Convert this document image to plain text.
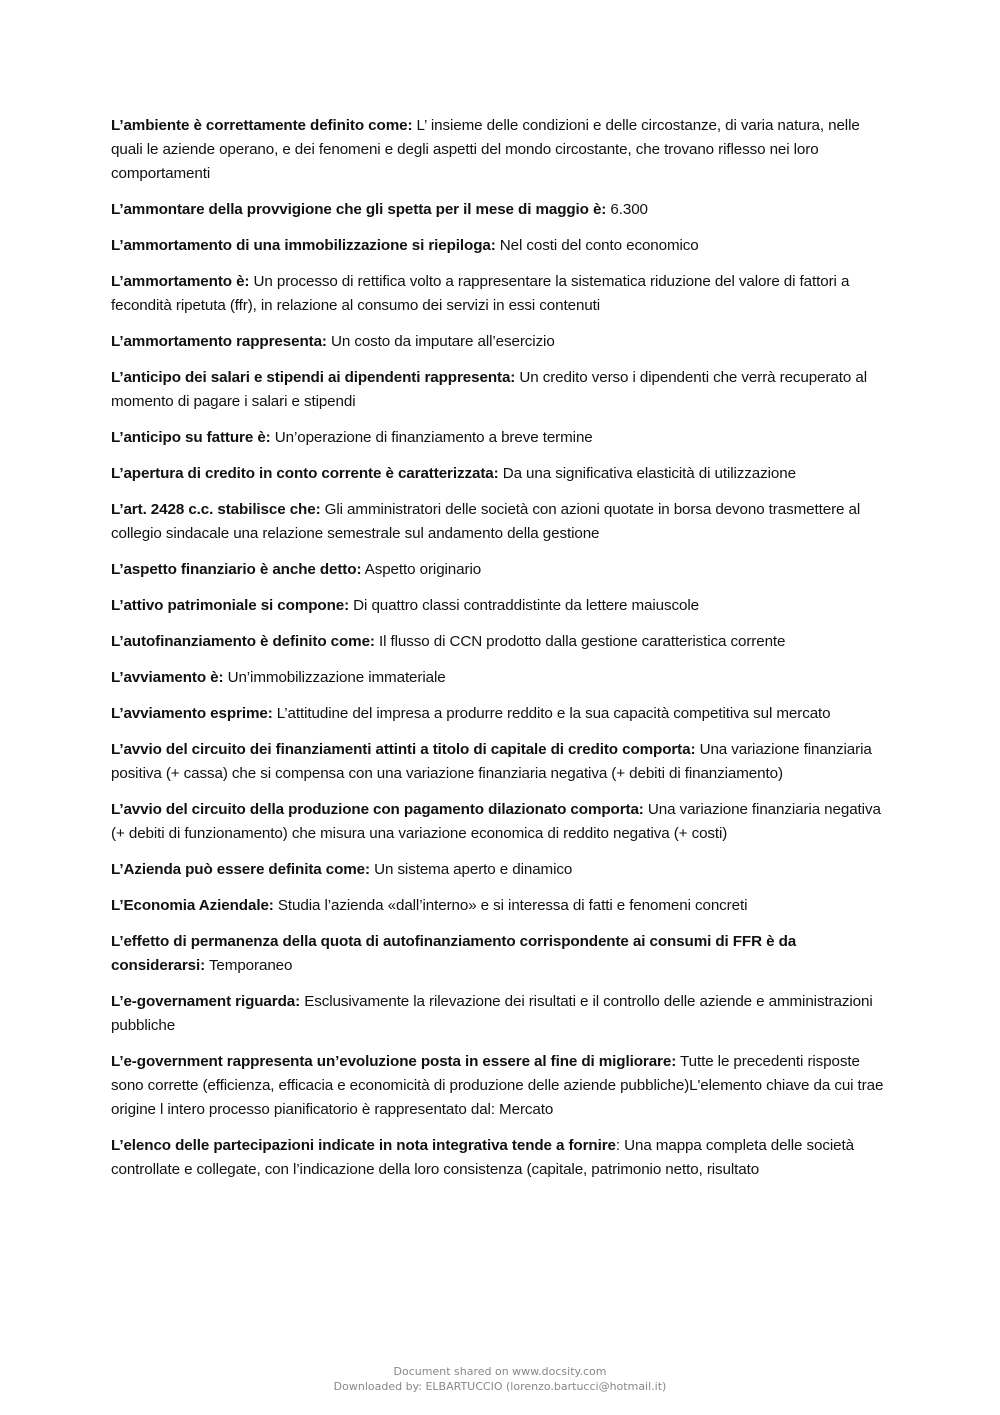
L’ambiente è correttamente definito come: L’ insieme delle condizioni e delle circostanze, di varia natura, nelle quali le aziende operano, e dei fenomeni e degli aspetti del mondo circostante, che trovano riflesso nei loro comportamenti

L’ammontare della provvigione che gli spetta per il mese di maggio è: 6.300

L’ammortamento di una immobilizzazione si riepiloga: Nel costi del conto economico

L’ammortamento è: Un processo di rettifica volto a rappresentare la sistematica riduzione del valore di fattori a fecondità ripetuta (ffr), in relazione al consumo dei servizi in essi contenuti

L’ammortamento rappresenta: Un costo da imputare all’esercizio

L’anticipo dei salari e stipendi ai dipendenti rappresenta: Un credito verso i dipendenti che verrà recuperato al momento di pagare i salari e stipendi

L’anticipo su fatture è: Un’operazione di finanziamento a breve termine

L’apertura di credito in conto corrente è caratterizzata: Da una significativa elasticità di utilizzazione

L’art. 2428 c.c. stabilisce che: Gli amministratori delle società con azioni quotate in borsa devono trasmettere al collegio sindacale una relazione semestrale sul andamento della gestione

L’aspetto finanziario è anche detto: Aspetto originario

L’attivo patrimoniale si compone: Di quattro classi contraddistinte da lettere maiuscole

L’autofinanziamento è definito come: Il flusso di CCN prodotto dalla gestione caratteristica corrente

L’avviamento è: Un’immobilizzazione immateriale

L’avviamento esprime: L’attitudine del impresa a produrre reddito e la sua capacità competitiva sul mercato

L’avvio del circuito dei finanziamenti attinti a titolo di capitale di credito comporta: Una variazione finanziaria positiva (+ cassa) che si compensa con una variazione finanziaria negativa (+ debiti di finanziamento)

L’avvio del circuito della produzione con pagamento dilazionato comporta: Una variazione finanziaria negativa (+ debiti di funzionamento) che misura una variazione economica di reddito negativa (+ costi)

L’Azienda può essere definita come: Un sistema aperto e dinamico

L’Economia Aziendale: Studia l’azienda «dall’interno» e si interessa di fatti e fenomeni concreti

L’effetto di permanenza della quota di autofinanziamento corrispondente ai consumi di FFR è da considerarsi: Temporaneo

L’e-governament riguarda: Esclusivamente la rilevazione dei risultati e il controllo delle aziende e amministrazioni pubbliche

L’e-government rappresenta un’evoluzione posta in essere al fine di migliorare: Tutte le precedenti risposte sono corrette (efficienza, efficacia e economicità di produzione delle aziende pubbliche)L'elemento chiave da cui trae origine l intero processo pianificatorio è rappresentato dal: Mercato

L’elenco delle partecipazioni indicate in nota integrativa tende a fornire: Una mappa completa delle società controllate e collegate, con l’indicazione della loro consistenza (capitale, patrimonio netto, risultato

Document shared on www.docsity.com
Downloaded by: ELBARTUCCIO (lorenzo.bartucci@hotmail.it)
